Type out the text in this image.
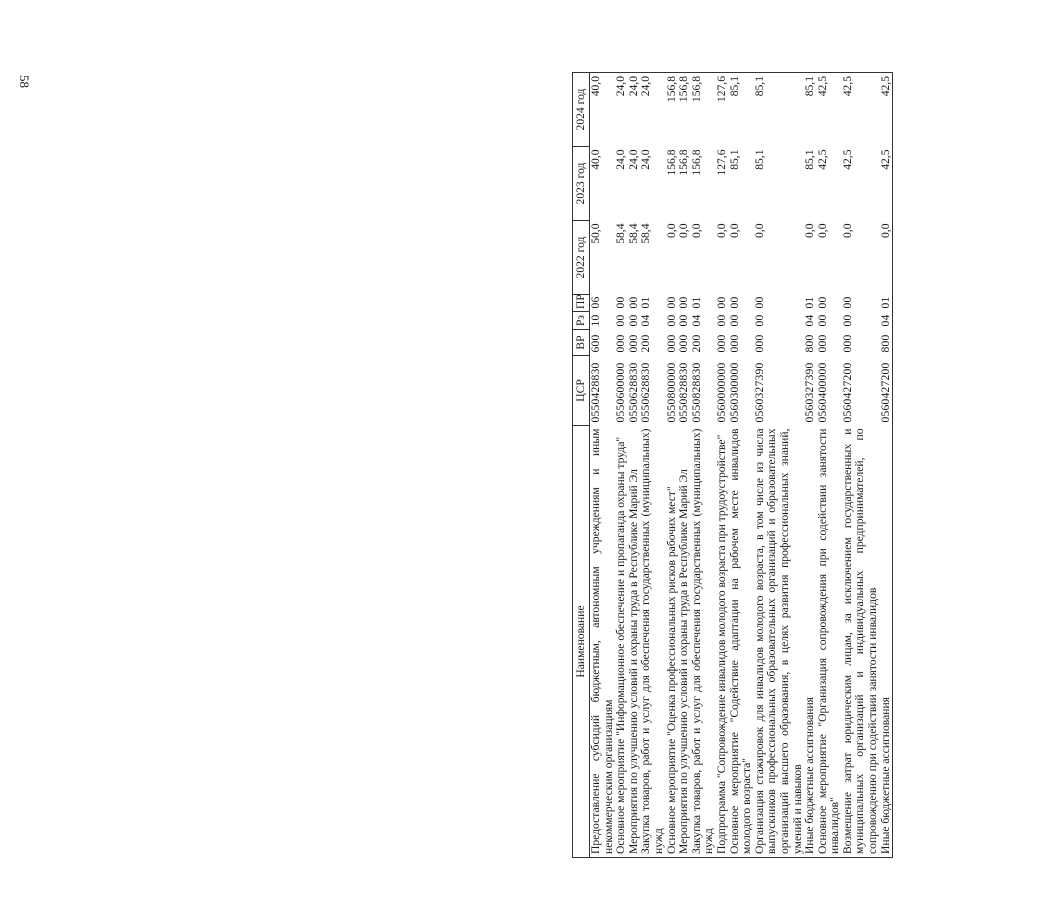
58
Наименование	ЦСР	ВР	Рз	ПР	2022 год	2023 год	2024 год
Предоставление субсидий бюджетным, автономным учреждениям и иным некоммерческим организациям	0550428830	600	10	06	50,0	40,0	40,0
Основное мероприятие "Информационное обеспечение и пропаганда охраны труда"	0550600000	000	00	00	58,4	24,0	24,0
Мероприятия по улучшению условий и охраны труда в Республике Марий Эл	0550628830	000	00	00	58,4	24,0	24,0
Закупка товаров, работ и услуг для обеспечения государственных (муниципальных) нужд	0550628830	200	04	01	58,4	24,0	24,0
Основное мероприятие "Оценка профессиональных рисков рабочих мест"	0550800000	000	00	00	0,0	156,8	156,8
Мероприятия по улучшению условий и охраны труда в Республике Марий Эл	0550828830	000	00	00	0,0	156,8	156,8
Закупка товаров, работ и услуг для обеспечения государственных (муниципальных) нужд	0550828830	200	04	01	0,0	156,8	156,8
Подпрограмма "Сопровождение инвалидов молодого возраста при трудоустройстве"	0560000000	000	00	00	0,0	127,6	127,6
Основное мероприятие "Содействие адаптации на рабочем месте инвалидов молодого возраста"	0560300000	000	00	00	0,0	85,1	85,1
Организация стажировок для инвалидов молодого возраста, в том числе из числа выпускников профессиональных образовательных организаций и образовательных организаций высшего образования, в целях развития профессиональных знаний, умений и навыков	0560327390	000	00	00	0,0	85,1	85,1
Иные бюджетные ассигнования	0560327390	800	04	01	0,0	85,1	85,1
Основное мероприятие "Организация сопровождения при содействии занятости инвалидов"	0560400000	000	00	00	0,0	42,5	42,5
Возмещение затрат юридическим лицам, за исключением государственных и муниципальных организаций и индивидуальных предпринимателей, по сопровождению при содействии занятости инвалидов	0560427200	000	00	00	0,0	42,5	42,5
Иные бюджетные ассигнования	0560427200	800	04	01	0,0	42,5	42,5
